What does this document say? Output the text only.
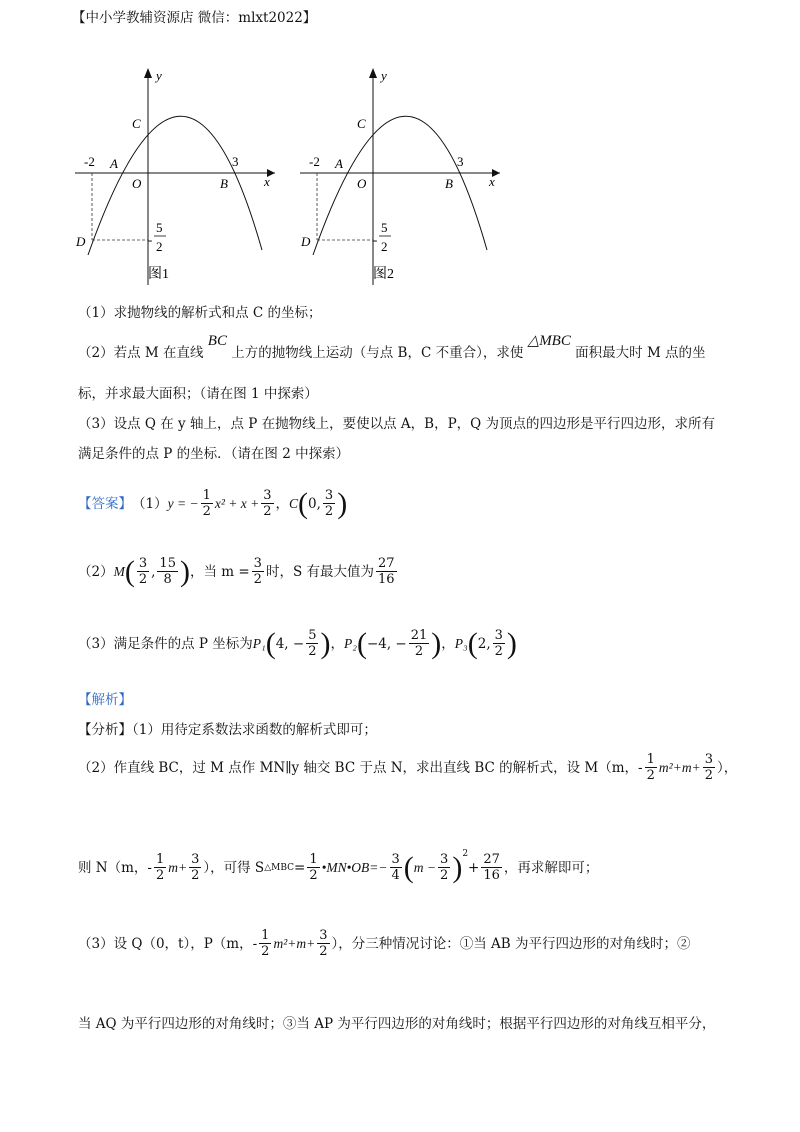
【中小学教辅资源店 微信：mlxt2022】
y
x
O
A
B
C
D
-2	3
-
5
2
图1
y
x
O
A
B
C
D
-2	3
-
5
2
图2
（1）求抛物线的解析式和点 C 的坐标；
（2）若点 M 在直线 BC 上方的抛物线上运动（与点 B，C 不重合），求使 △MBC 面积最大时 M 点的坐
标，并求最大面积；（请在图 1 中探索）
（3）设点 Q 在 y 轴上，点 P 在抛物线上，要使以点 A，B，P，Q 为顶点的四边形是平行四边形，求所有
满足条件的点 P 的坐标．（请在图 2 中探索）
【答案】 （1） y = − $\frac{1}{2} x^2 + x + \frac{3}{2}$ ， C ( 0, $\frac{3}{2}$ )
（2） M ( $\frac{3}{2}$ , $\frac{15}{8}$ ) ，当 $m = \frac{3}{2}$ 时，S 有最大值为 $\frac{27}{16}$
（3）满足条件的点 P 坐标为 P₁ ( 4, − $\frac{5}{2}$ ) ， P₂ ( −4, − $\frac{21}{2}$ ) ， P₃ ( 2, $\frac{3}{2}$ )
【解析】
【分析】（1）用待定系数法求函数的解析式即可；
（2）作直线 BC，过 M 点作 MN∥y 轴交 BC 于点 N，求出直线 BC 的解析式，设 M（m，- $\frac{1}{2} m^2 +m+ \frac{3}{2}$ ），
则 N（m，- $\frac{1}{2} m+ \frac{3}{2}$ ），可得 S △MBC = $\frac{1}{2}$ •MN•OB=− $\frac{3}{4}$ ( $m - \frac{3}{2} )^2$
+ $\frac{27}{16}$ ，再求解即可；
（3）设 Q（0，t），P（m，- $\frac{1}{2} m^2 +m+ \frac{3}{2}$ ），分三种情况讨论：①当 AB 为平行四边形的对角线时；②
当 AQ 为平行四边形的对角线时；③当 AP 为平行四边形的对角线时；根据平行四边形的对角线互相平分，
